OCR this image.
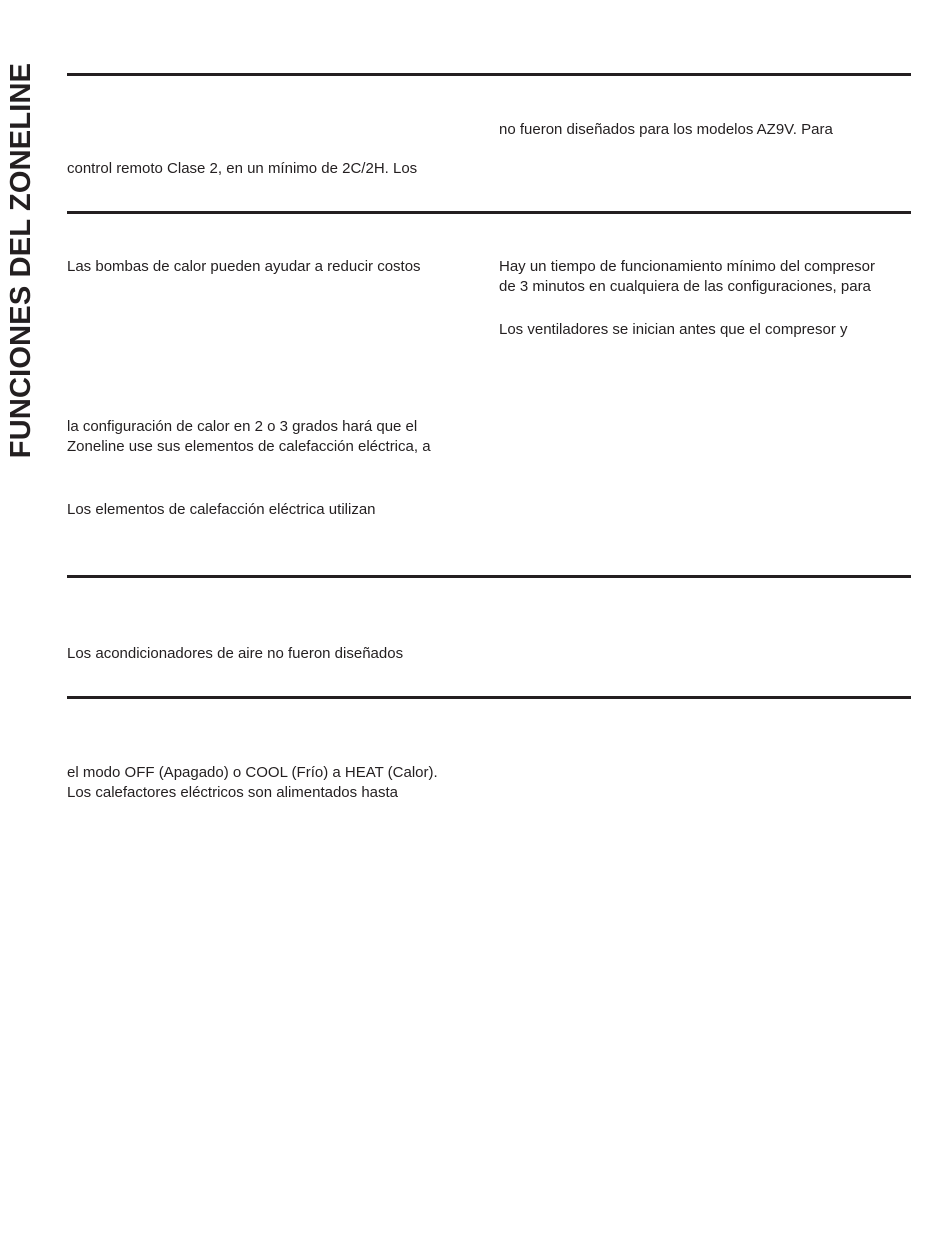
FUNCIONES DEL ZONELINE	no fueron diseñados para los modelos AZ9V. Para
control remoto Clase 2, en un mínimo de 2C/2H. Los
Las bombas de calor pueden ayudar a reducir costos	Hay un tiempo de funcionamiento mínimo del compresor
de 3 minutos en cualquiera de las configuraciones, para
Los ventiladores se inician antes que el compresor y
la configuración de calor en 2 o 3 grados hará que el
Zoneline use sus elementos de calefacción eléctrica, a
Los elementos de calefacción eléctrica utilizan
Los acondicionadores de aire no fueron diseñados
el modo OFF (Apagado) o COOL (Frío) a HEAT (Calor).
Los calefactores eléctricos son alimentados hasta
